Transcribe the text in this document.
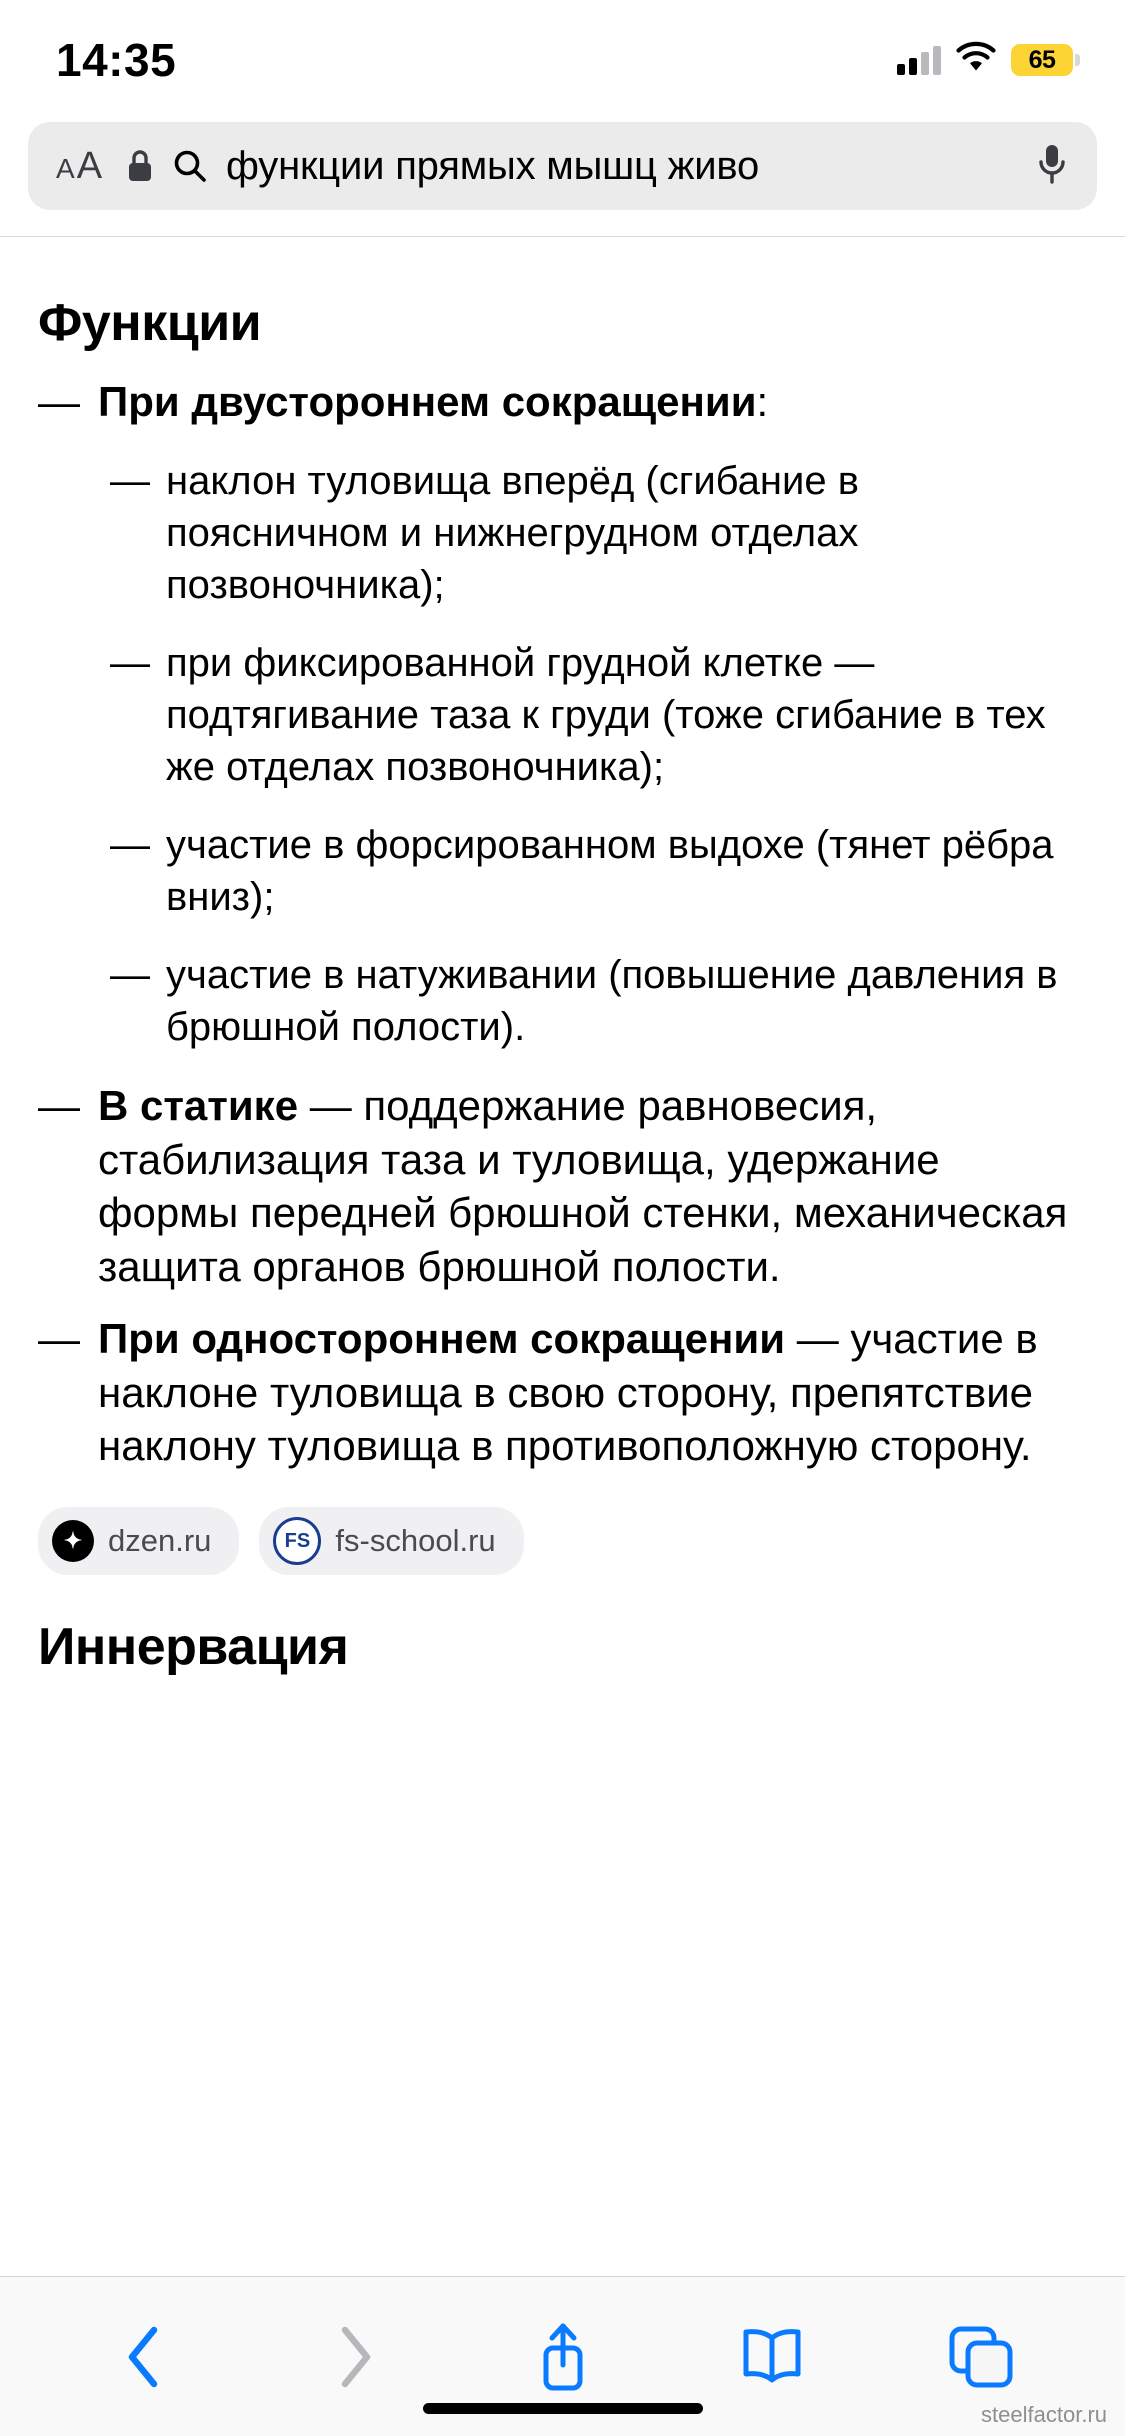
14:35	65
A A	функции прямых мышц живо
Функции
— При двустороннем сокращении:
— наклон туловища вперёд (сгибание в поясничном и нижнегрудном отделах позвоночника);
— при фиксированной грудной клетке — подтягивание таза к груди (тоже сгибание в тех же отделах позвоночника);
— участие в форсированном выдохе (тянет рёбра вниз);
— участие в натуживании (повышение давления в брюшной полости).
— В статике — поддержание равновесия, стабилизация таза и туловища, удержание формы передней брюшной стенки, механическая защита органов брюшной полости.
— При одностороннем сокращении — участие в наклоне туловища в свою сторону, препятствие наклону туловища в противоположную сторону.
✦ dzen.ru	FS fs-school.ru
Иннервация
steelfactor.ru
